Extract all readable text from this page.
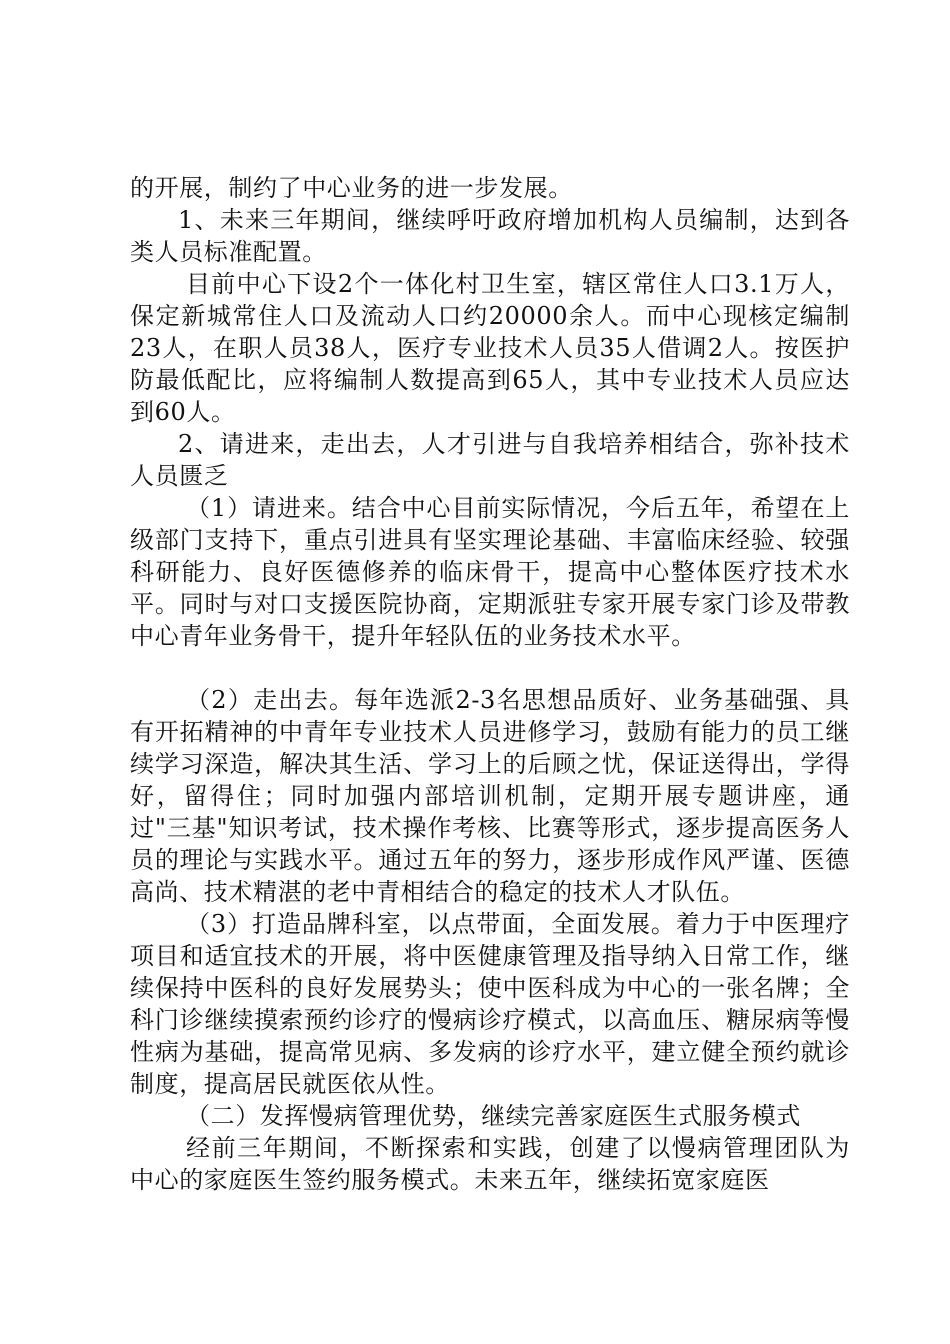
的开展，制约了中心业务的进一步发展。

1、未来三年期间，继续呼吁政府增加机构人员编制，达到各类人员标准配置。

目前中心下设2个一体化村卫生室，辖区常住人口3.1万人，保定新城常住人口及流动人口约20000余人。而中心现核定编制23人，在职人员38人，医疗专业技术人员35人借调2人。按医护防最低配比，应将编制人数提高到65人，其中专业技术人员应达到60人。

2、请进来，走出去，人才引进与自我培养相结合，弥补技术人员匮乏

（1）请进来。结合中心目前实际情况，今后五年，希望在上级部门支持下，重点引进具有坚实理论基础、丰富临床经验、较强科研能力、良好医德修养的临床骨干，提高中心整体医疗技术水平。同时与对口支援医院协商，定期派驻专家开展专家门诊及带教中心青年业务骨干，提升年轻队伍的业务技术水平。

（2）走出去。每年选派2-3名思想品质好、业务基础强、具有开拓精神的中青年专业技术人员进修学习，鼓励有能力的员工继续学习深造，解决其生活、学习上的后顾之忧，保证送得出，学得好，留得住；同时加强内部培训机制，定期开展专题讲座，通过"三基"知识考试，技术操作考核、比赛等形式，逐步提高医务人员的理论与实践水平。通过五年的努力，逐步形成作风严谨、医德高尚、技术精湛的老中青相结合的稳定的技术人才队伍。

（3）打造品牌科室，以点带面，全面发展。着力于中医理疗项目和适宜技术的开展，将中医健康管理及指导纳入日常工作，继续保持中医科的良好发展势头；使中医科成为中心的一张名牌；全科门诊继续摸索预约诊疗的慢病诊疗模式，以高血压、糖尿病等慢性病为基础，提高常见病、多发病的诊疗水平，建立健全预约就诊制度，提高居民就医依从性。

（二）发挥慢病管理优势，继续完善家庭医生式服务模式

经前三年期间，不断探索和实践，创建了以慢病管理团队为中心的家庭医生签约服务模式。未来五年，继续拓宽家庭医
